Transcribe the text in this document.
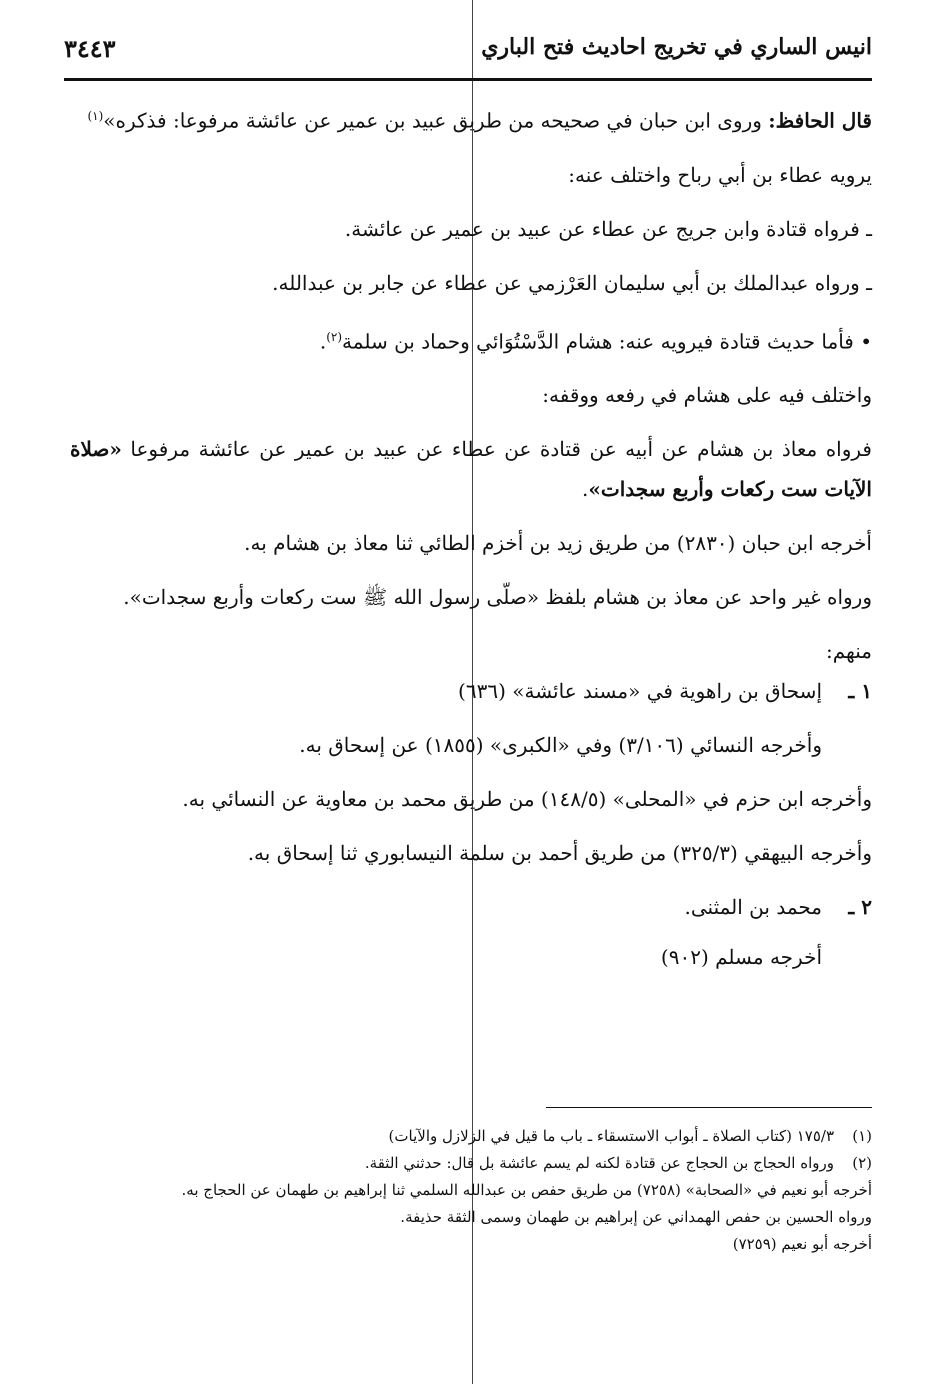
انيس الساري في تخريج احاديث فتح الباري
٣٤٤٣

قال الحافظ: وروى ابن حبان في صحيحه من طريق عبيد بن عمير عن عائشة مرفوعا: فذكره»$^{(١)}$

يرويه عطاء بن أبي رباح واختلف عنه:

ـ فرواه قتادة وابن جريج عن عطاء عن عبيد بن عمير عن عائشة.

ـ ورواه عبدالملك بن أبي سليمان العَرْزمي عن عطاء عن جابر بن عبدالله.

• فأما حديث قتادة فيرويه عنه: هشام الدَّسْتُوَائي وحماد بن سلمة$^{(٢)}$.

واختلف فيه على هشام في رفعه ووقفه:

فرواه معاذ بن هشام عن أبيه عن قتادة عن عطاء عن عبيد بن عمير عن عائشة مرفوعا «صلاة الآيات ست ركعات وأربع سجدات».

أخرجه ابن حبان (٢٨٣٠) من طريق زيد بن أخزم الطائي ثنا معاذ بن هشام به.

ورواه غير واحد عن معاذ بن هشام بلفظ «صلّى رسول الله ﷺ ست ركعات وأربع سجدات».

منهم:

١ ـ
إسحاق بن راهوية في «مسند عائشة» (٦٣٦)

وأخرجه النسائي (٣/١٠٦) وفي «الكبرى» (١٨٥٥) عن إسحاق به.

وأخرجه ابن حزم في «المحلى» (١٤٨/٥) من طريق محمد بن معاوية عن النسائي به.

وأخرجه البيهقي (٣٢٥/٣) من طريق أحمد بن سلمة النيسابوري ثنا إسحاق به.

٢ ـ
محمد بن المثنى.

أخرجه مسلم (٩٠٢)

(١)١٧٥/٣ (كتاب الصلاة ـ أبواب الاستسقاء ـ باب ما قيل في الزلازل والآيات)

(٢)ورواه الحجاج بن الحجاج عن قتادة لكنه لم يسم عائشة بل قال: حدثني الثقة.

أخرجه أبو نعيم في «الصحابة» (٧٢٥٨) من طريق حفص بن عبدالله السلمي ثنا إبراهيم بن طهمان عن الحجاج به.

ورواه الحسين بن حفص الهمداني عن إبراهيم بن طهمان وسمى الثقة حذيفة.

أخرجه أبو نعيم (٧٢٥٩)
